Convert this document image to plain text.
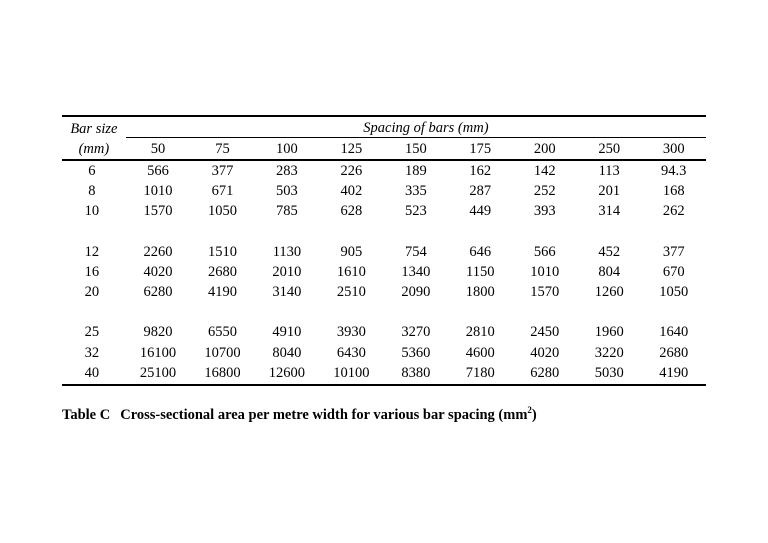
Bar size	Spacing of bars (mm)								
(mm)	50	75	100	125	150	175	200	250	300
6	566	377	283	226	189	162	142	113	94.3
8	1010	671	503	402	335	287	252	201	168
10	1570	1050	785	628	523	449	393	314	262

12	2260	1510	1130	905	754	646	566	452	377
16	4020	2680	2010	1610	1340	1150	1010	804	670
20	6280	4190	3140	2510	2090	1800	1570	1260	1050

25	9820	6550	4910	3930	3270	2810	2450	1960	1640
32	16100	10700	8040	6430	5360	4600	4020	3220	2680
40	25100	16800	12600	10100	8380	7180	6280	5030	4190
Table C Cross-sectional area per metre width for various bar spacing $(mm^2)$
